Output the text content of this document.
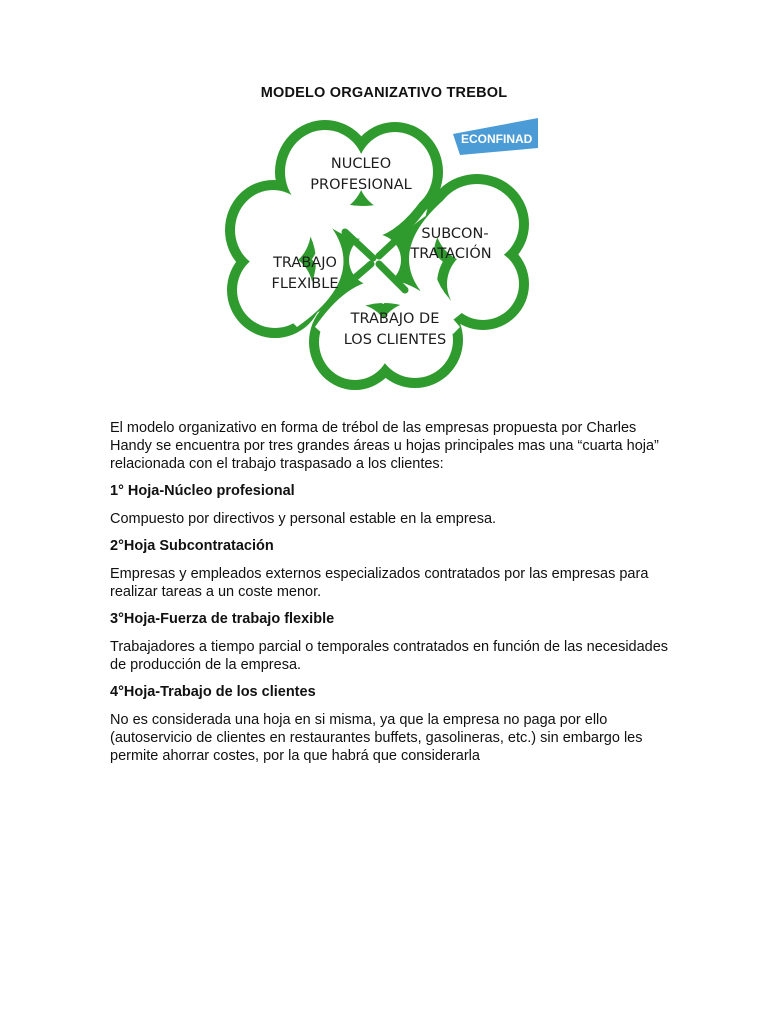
MODELO ORGANIZATIVO TREBOL
ECONFINAD
NUCLEO
PROFESIONAL
SUBCON-
TRATACIÓN
TRABAJO
FLEXIBLE
TRABAJO DE
LOS CLIENTES

El modelo organizativo en forma de trébol de las empresas propuesta por Charles Handy se encuentra por tres grandes áreas u hojas principales mas una “cuarta hoja” relacionada con el trabajo traspasado a los clientes:

1° Hoja-Núcleo profesional

Compuesto por directivos y personal estable en la empresa.

2°Hoja Subcontratación

Empresas y empleados externos especializados contratados por las empresas para realizar tareas a un coste menor.

3°Hoja-Fuerza de trabajo flexible

Trabajadores a tiempo parcial o temporales contratados en función de las necesidades de producción de la empresa.

4°Hoja-Trabajo de los clientes

No es considerada una hoja en si misma, ya que la empresa no paga por ello (autoservicio de clientes en restaurantes buffets, gasolineras, etc.) sin embargo les permite ahorrar costes, por la que habrá que considerarla
